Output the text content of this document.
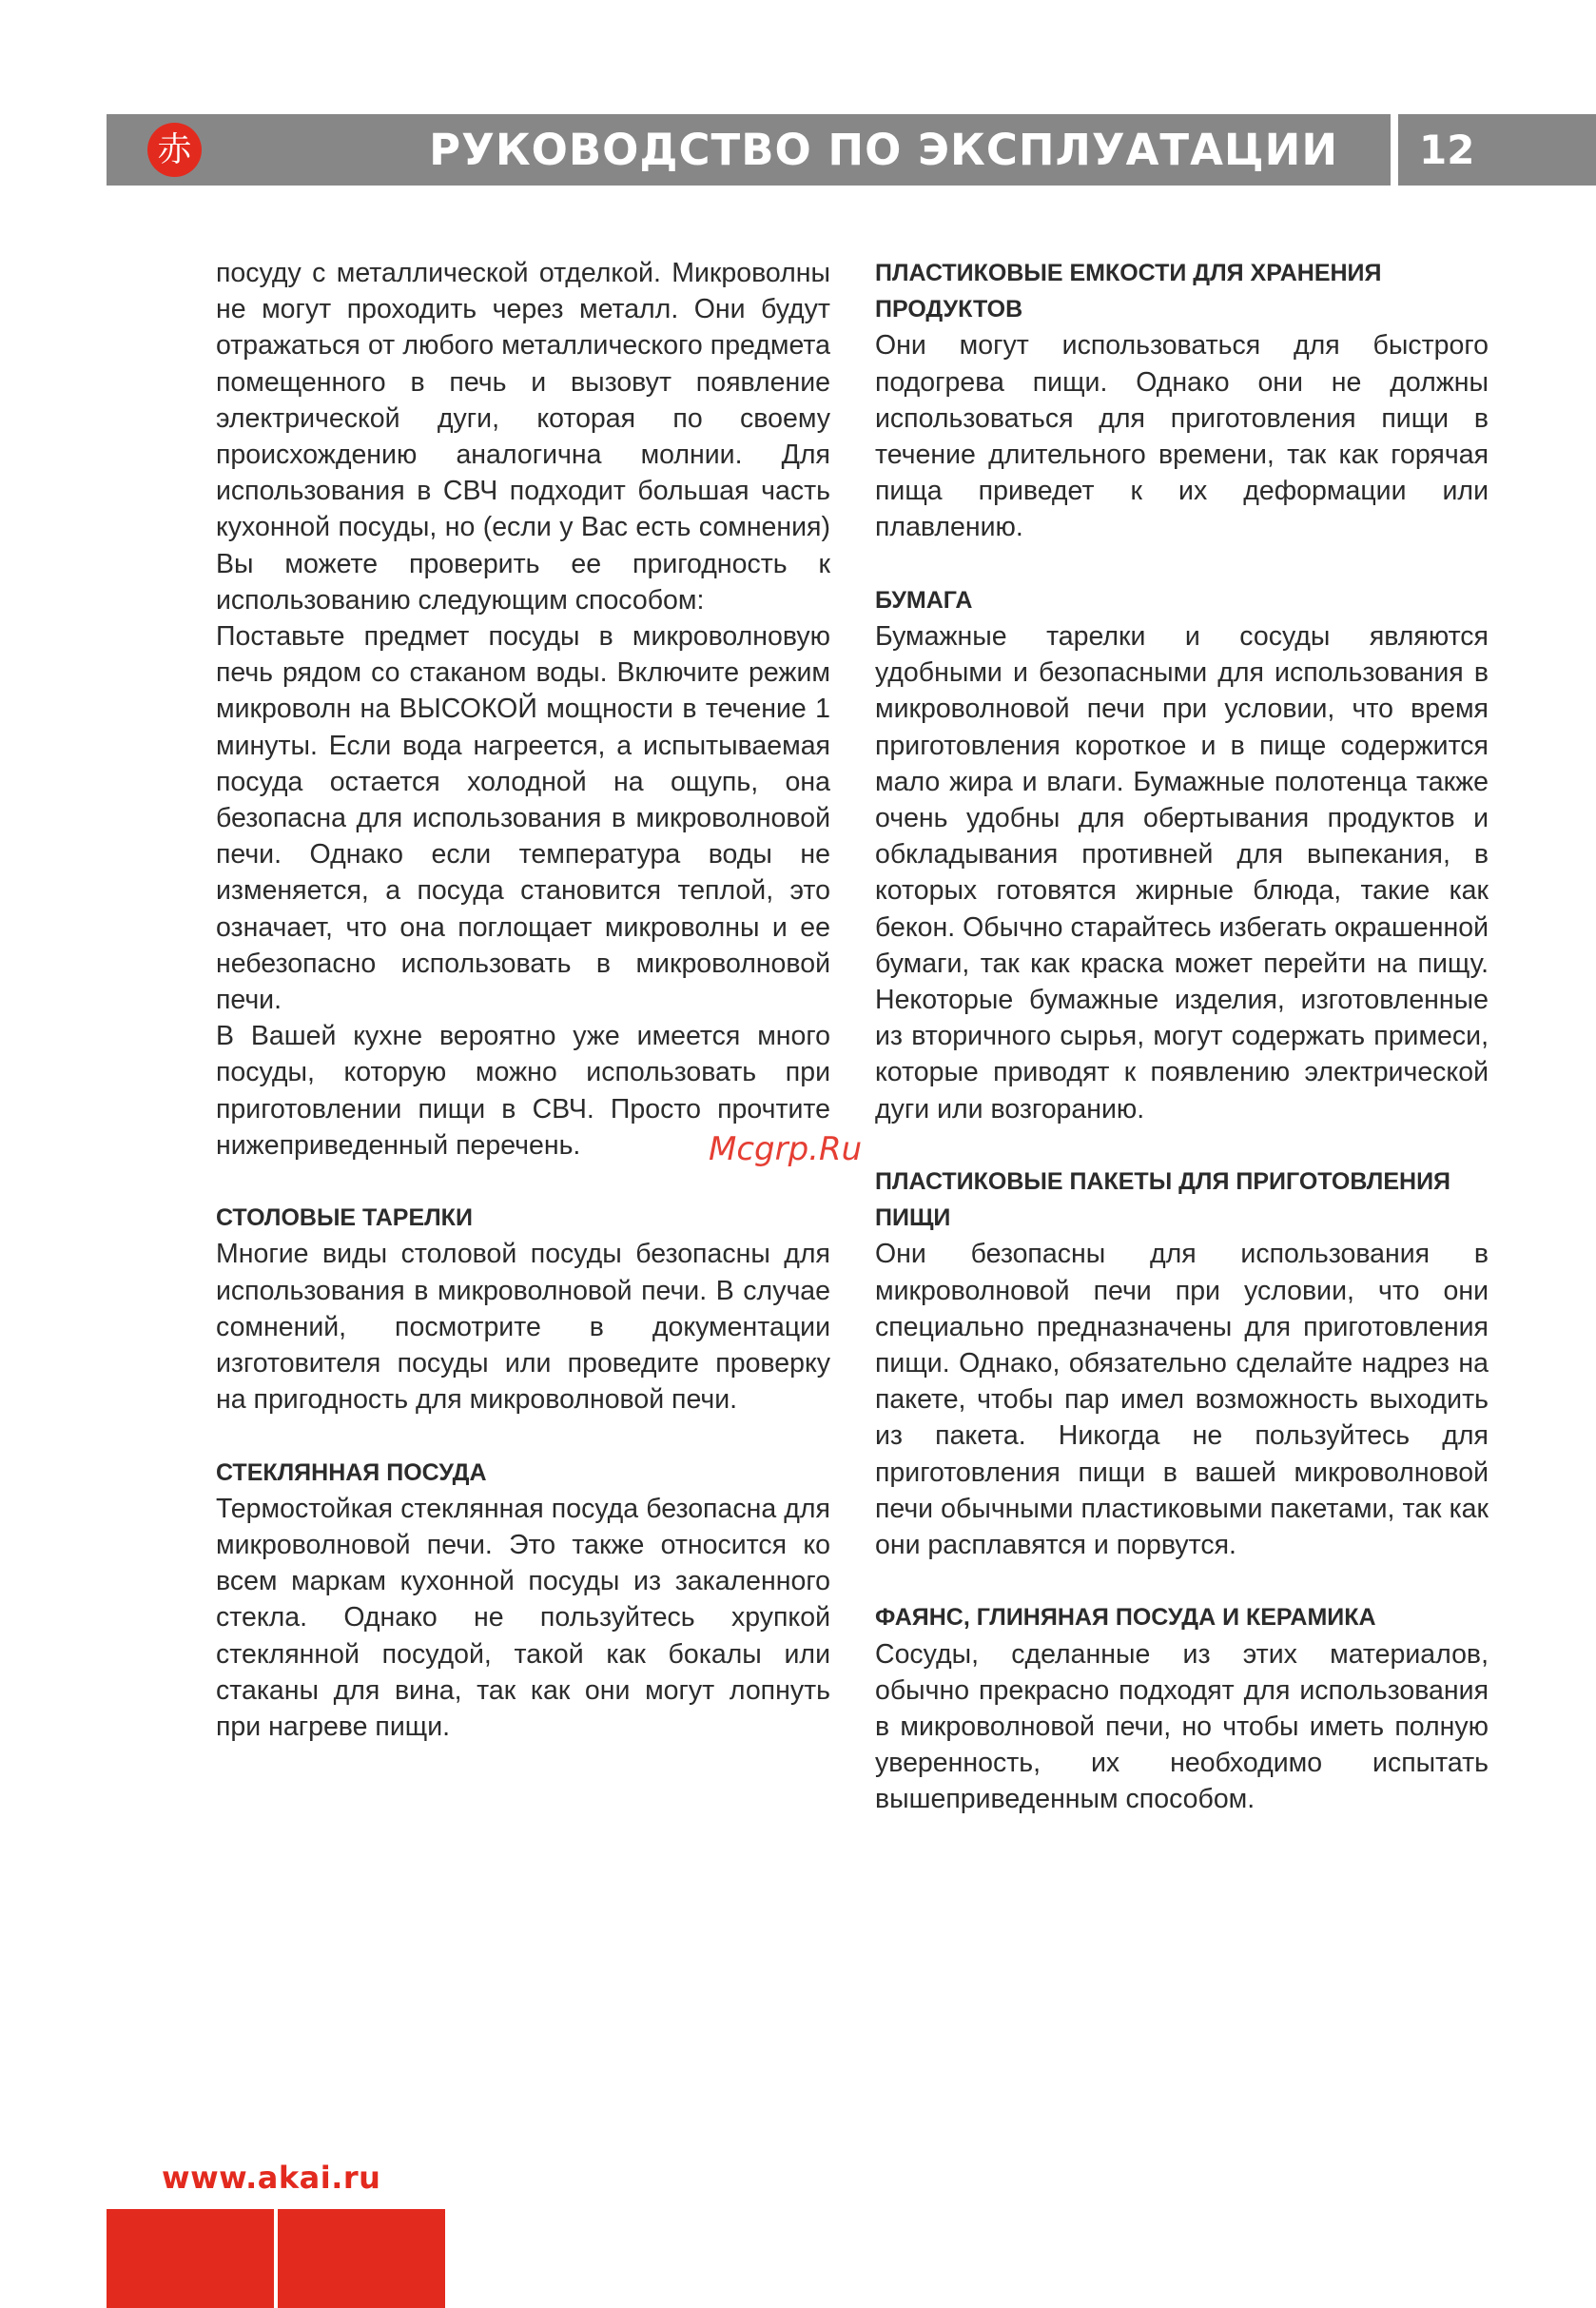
赤	РУКОВОДСТВО ПО ЭКСПЛУАТАЦИИ 12

посуду с металлической отделкой. Микроволны не могут проходить через металл. Они будут отражаться от любого металлического предмета помещенного в печь и вызовут появление электрической дуги, которая по своему происхождению аналогична молнии. Для использования в СВЧ подходит большая часть кухонной посуды, но (если у Вас есть сомнения) Вы можете проверить ее пригодность к использованию следующим способом:

Поставьте предмет посуды в микроволновую печь рядом со стаканом воды. Включите режим микроволн на ВЫСОКОЙ мощности в течение 1 минуты. Если вода нагреется, а испытываемая посуда остается холодной на ощупь, она безопасна для использования в микроволновой печи. Однако если температура воды не изменяется, а посуда становится теплой, это означает, что она поглощает микроволны и ее небезопасно использовать в микроволновой печи.

В Вашей кухне вероятно уже имеется много посуды, которую можно использовать при приготовлении пищи в СВЧ. Просто прочтите нижеприведенный перечень.

СТОЛОВЫЕ ТАРЕЛКИ

Многие виды столовой посуды безопасны для использования в микроволновой печи. В случае сомнений, посмотрите в документации изготовителя посуды или проведите проверку на пригодность для микроволновой печи.

СТЕКЛЯННАЯ ПОСУДА

Термостойкая стеклянная посуда безопасна для микроволновой печи. Это также относится ко всем маркам кухонной посуды из закаленного стекла. Однако не пользуйтесь хрупкой стеклянной посудой, такой как бокалы или стаканы для вина, так как они могут лопнуть при нагреве пищи.

ПЛАСТИКОВЫЕ ЕМКОСТИ ДЛЯ ХРАНЕНИЯ ПРОДУКТОВ

Они могут использоваться для быстрого подогрева пищи. Однако они не должны использоваться для приготовления пищи в течение длительного времени, так как горячая пища приведет к их деформации или плавлению.

БУМАГА

Бумажные тарелки и сосуды являются удобными и безопасными для использования в микроволновой печи при условии, что время приготовления короткое и в пище содержится мало жира и влаги. Бумажные полотенца также очень удобны для обертывания продуктов и обкладывания противней для выпекания, в которых готовятся жирные блюда, такие как бекон. Обычно старайтесь избегать окрашенной бумаги, так как краска может перейти на пищу. Некоторые бумажные изделия, изготовленные из вторичного сырья, могут содержать примеси, которые приводят к появлению электрической дуги или возгоранию.

ПЛАСТИКОВЫЕ ПАКЕТЫ ДЛЯ ПРИГОТОВЛЕНИЯ ПИЩИ

Они безопасны для использования в микроволновой печи при условии, что они специально предназначены для приготовления пищи. Однако, обязательно сделайте надрез на пакете, чтобы пар имел возможность выходить из пакета. Никогда не пользуйтесь для приготовления пищи в вашей микроволновой печи обычными пластиковыми пакетами, так как они расплавятся и порвутся.

ФАЯНС, ГЛИНЯНАЯ ПОСУДА И КЕРАМИКА

Сосуды, сделанные из этих материалов, обычно прекрасно подходят для использования в микроволновой печи, но чтобы иметь полную уверенность, их необходимо испытать вышеприведенным способом.

Mcgrp.Ru
www.akai.ru
